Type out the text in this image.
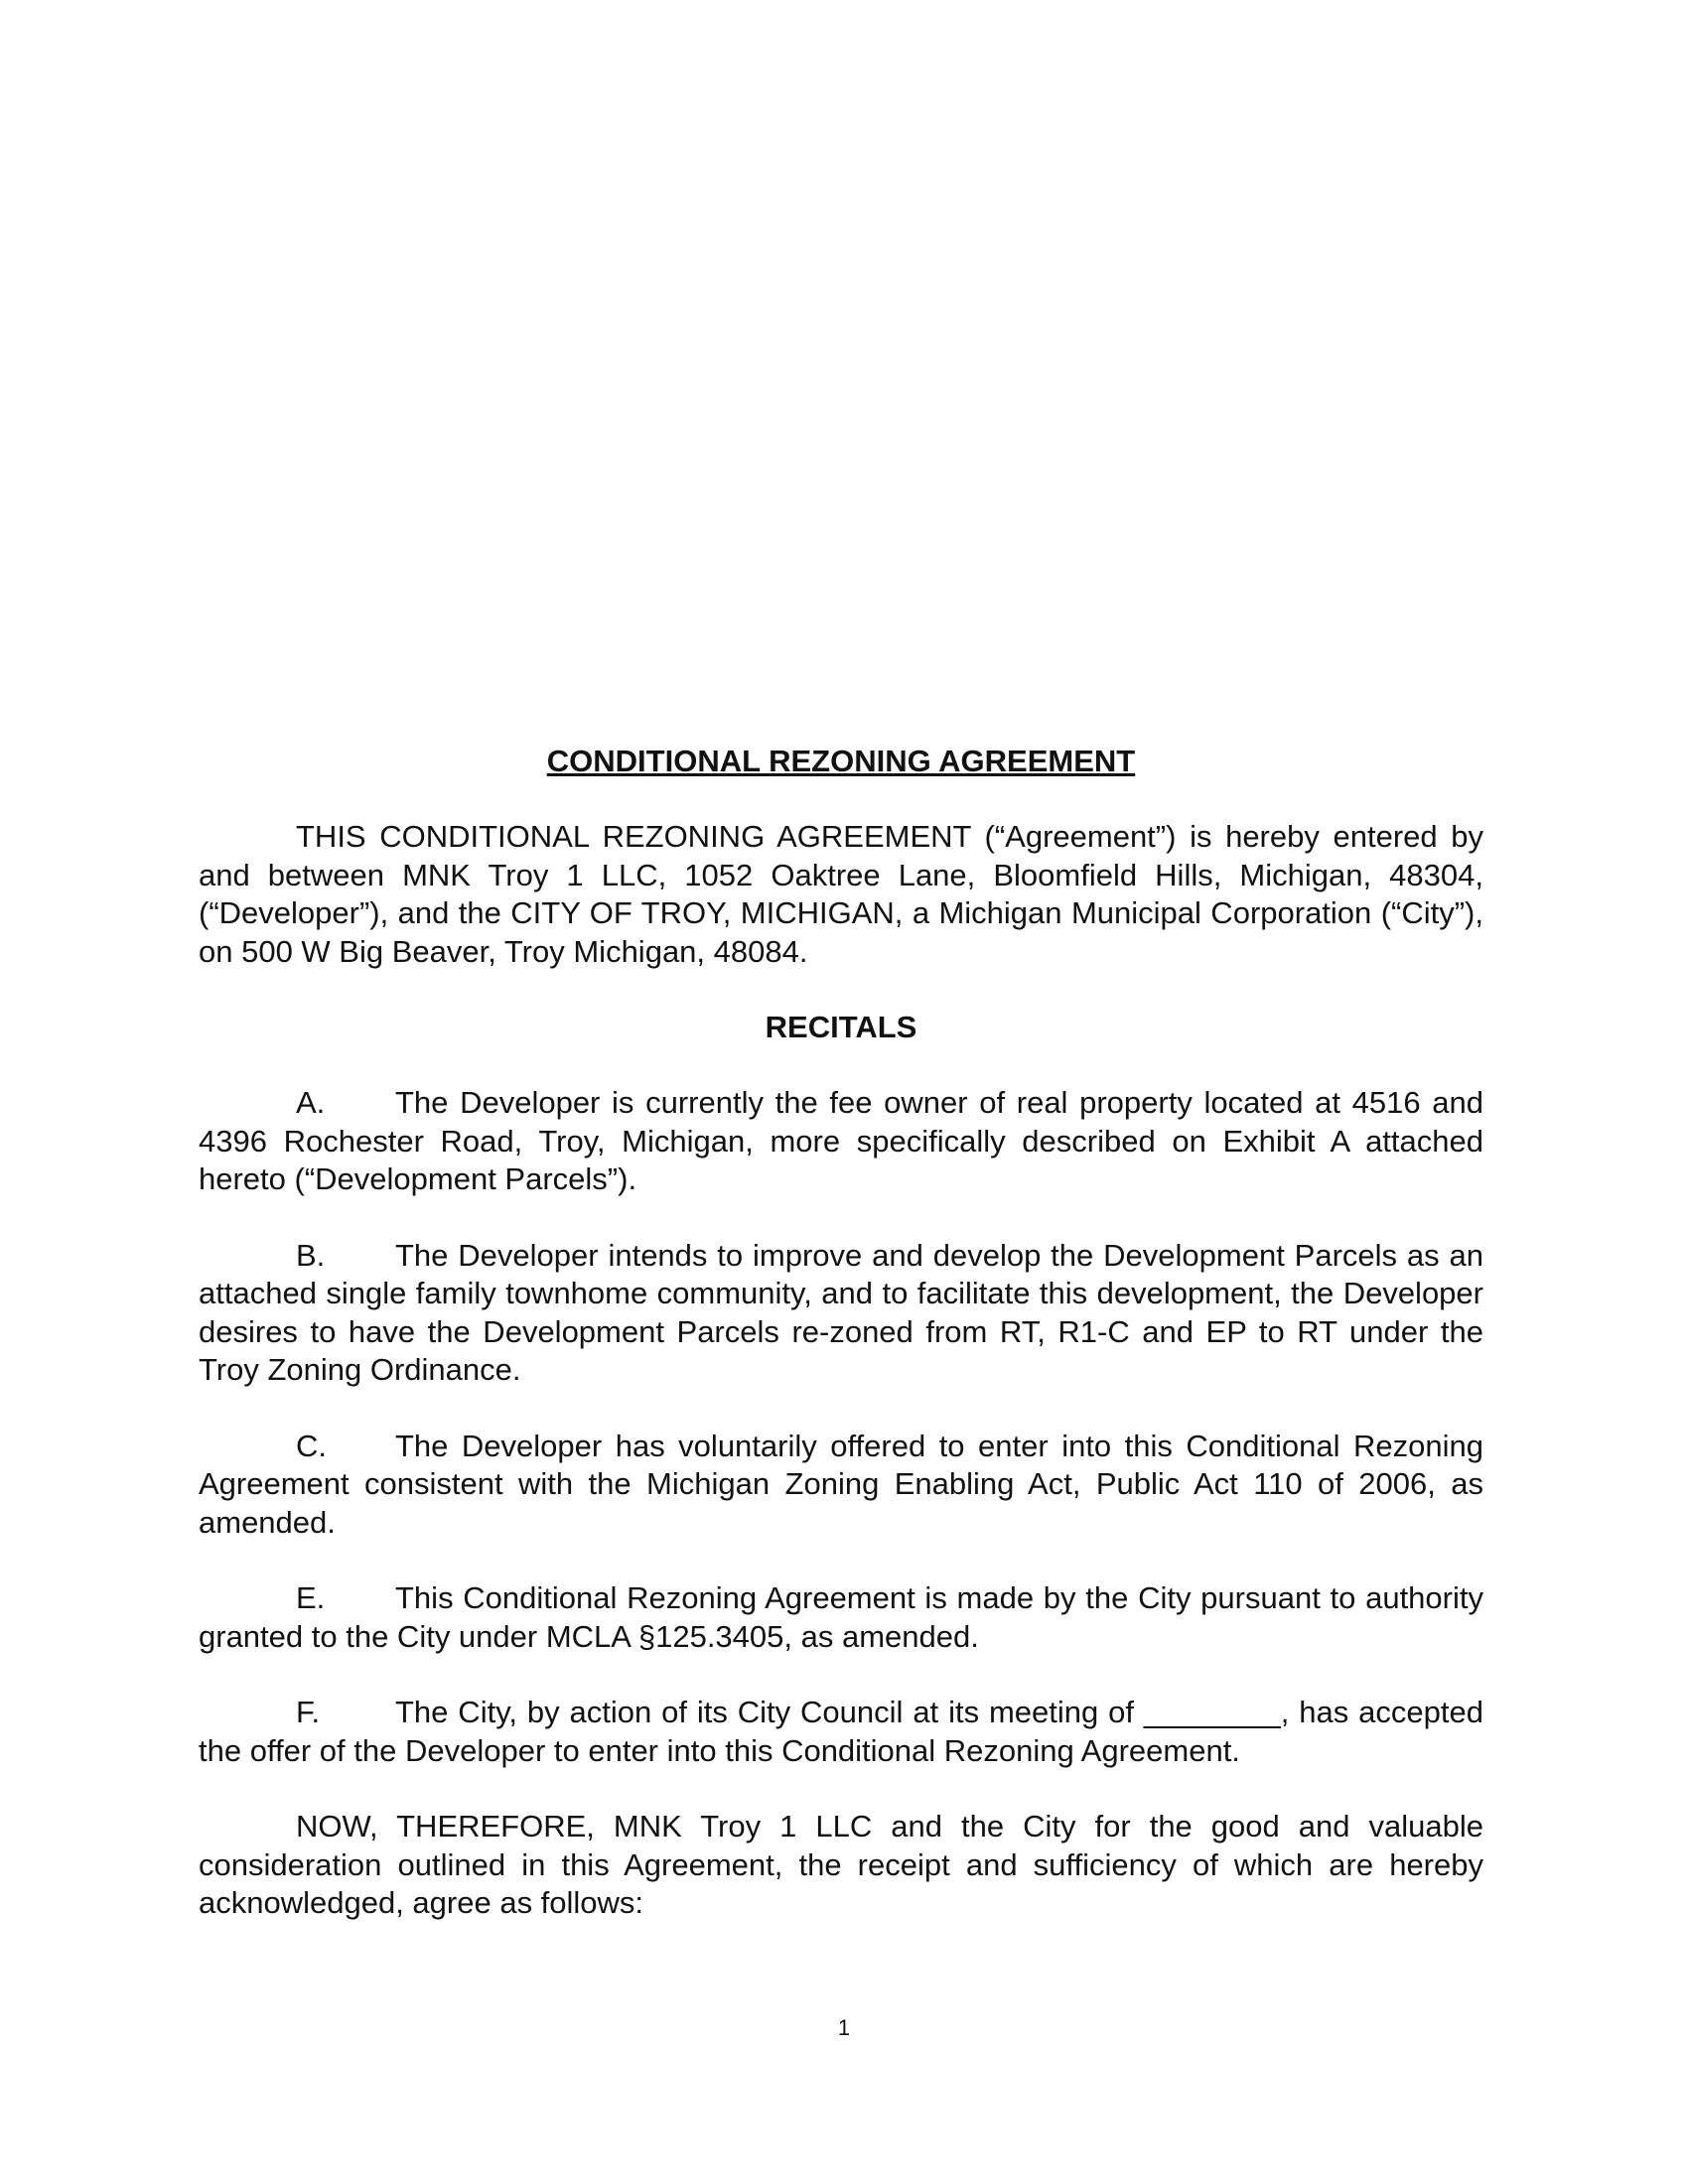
CONDITIONAL REZONING AGREEMENT

THIS CONDITIONAL REZONING AGREEMENT (“Agreement”) is hereby entered by and between MNK Troy 1 LLC, 1052 Oaktree Lane, Bloomfield Hills, Michigan, 48304, (“Developer”), and the CITY OF TROY, MICHIGAN, a Michigan Municipal Corporation (“City”), on 500 W Big Beaver, Troy Michigan, 48084.

RECITALS

A. The Developer is currently the fee owner of real property located at 4516 and 4396 Rochester Road, Troy, Michigan, more specifically described on Exhibit A attached hereto (“Development Parcels”).

B. The Developer intends to improve and develop the Development Parcels as an attached single family townhome community, and to facilitate this development, the Developer desires to have the Development Parcels re-zoned from RT, R1-C and EP to RT under the Troy Zoning Ordinance.

C. The Developer has voluntarily offered to enter into this Conditional Rezoning Agreement consistent with the Michigan Zoning Enabling Act, Public Act 110 of 2006, as amended.

E. This Conditional Rezoning Agreement is made by the City pursuant to authority granted to the City under MCLA §125.3405, as amended.

F. The City, by action of its City Council at its meeting of ________, has accepted the offer of the Developer to enter into this Conditional Rezoning Agreement.

NOW, THEREFORE, MNK Troy 1 LLC and the City for the good and valuable consideration outlined in this Agreement, the receipt and sufficiency of which are hereby acknowledged, agree as follows:

1
